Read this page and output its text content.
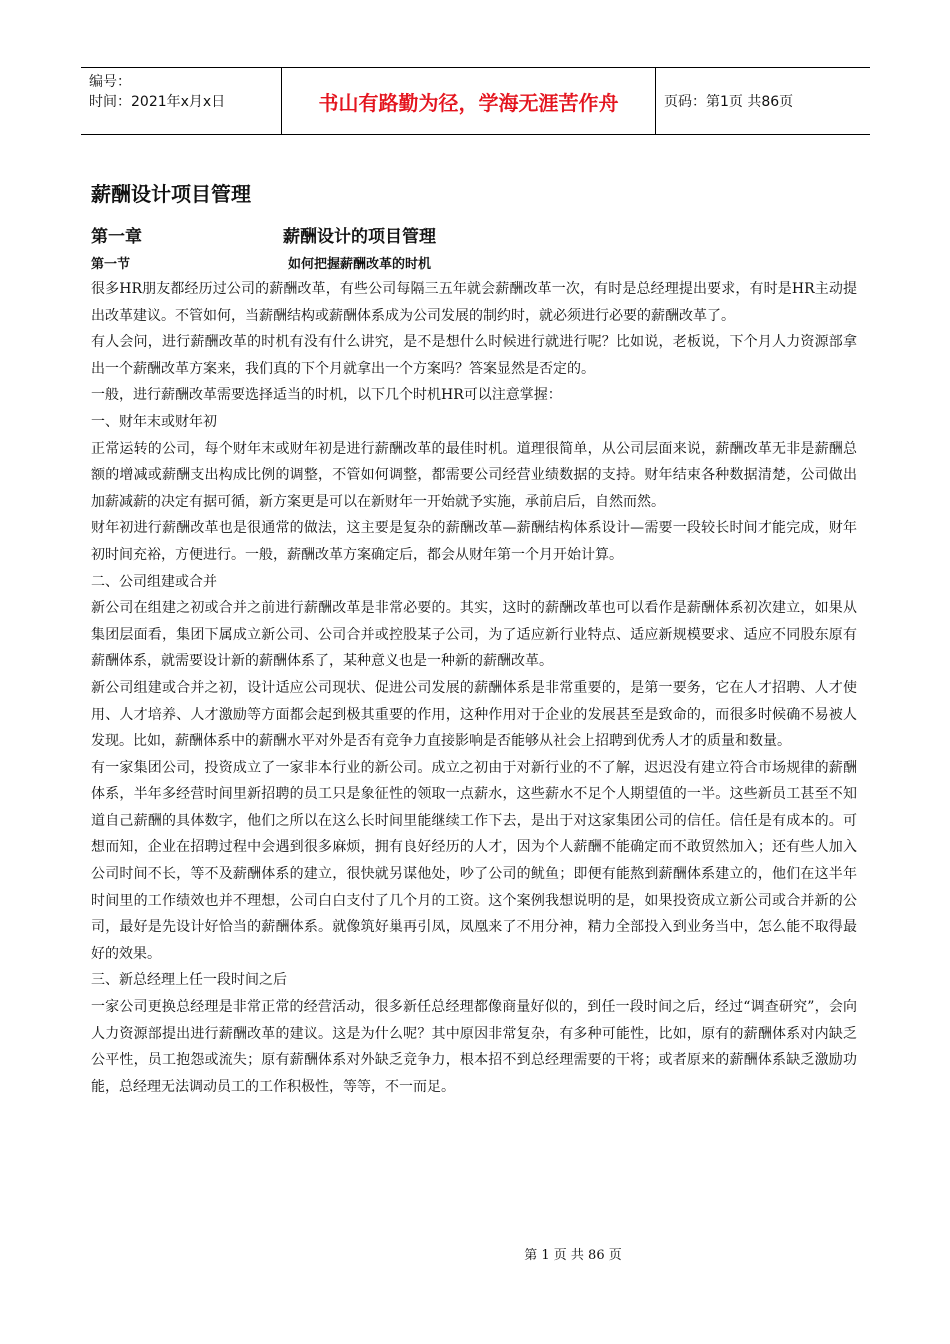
编号：
时间：2021年x月x日	书山有路勤为径，学海无涯苦作舟	页码：第1页 共86页
薪酬设计项目管理
第一章	薪酬设计的项目管理
第一节	如何把握薪酬改革的时机

很多HR朋友都经历过公司的薪酬改革，有些公司每隔三五年就会薪酬改革一次，有时是总经理提出要求，有时是HR主动提出改革建议。不管如何，当薪酬结构或薪酬体系成为公司发展的制约时，就必须进行必要的薪酬改革了。

有人会问，进行薪酬改革的时机有没有什么讲究，是不是想什么时候进行就进行呢？比如说，老板说，下个月人力资源部拿出一个薪酬改革方案来，我们真的下个月就拿出一个方案吗？答案显然是否定的。

一般，进行薪酬改革需要选择适当的时机，以下几个时机HR可以注意掌握：

一、财年末或财年初

正常运转的公司，每个财年末或财年初是进行薪酬改革的最佳时机。道理很简单，从公司层面来说，薪酬改革无非是薪酬总额的增减或薪酬支出构成比例的调整，不管如何调整，都需要公司经营业绩数据的支持。财年结束各种数据清楚，公司做出加薪减薪的决定有据可循，新方案更是可以在新财年一开始就予实施，承前启后，自然而然。

财年初进行薪酬改革也是很通常的做法，这主要是复杂的薪酬改革—薪酬结构体系设计—需要一段较长时间才能完成，财年初时间充裕，方便进行。一般，薪酬改革方案确定后，都会从财年第一个月开始计算。

二、公司组建或合并

新公司在组建之初或合并之前进行薪酬改革是非常必要的。其实，这时的薪酬改革也可以看作是薪酬体系初次建立，如果从集团层面看，集团下属成立新公司、公司合并或控股某子公司，为了适应新行业特点、适应新规模要求、适应不同股东原有薪酬体系，就需要设计新的薪酬体系了，某种意义也是一种新的薪酬改革。

新公司组建或合并之初，设计适应公司现状、促进公司发展的薪酬体系是非常重要的，是第一要务，它在人才招聘、人才使用、人才培养、人才激励等方面都会起到极其重要的作用，这种作用对于企业的发展甚至是致命的，而很多时候确不易被人发现。比如，薪酬体系中的薪酬水平对外是否有竞争力直接影响是否能够从社会上招聘到优秀人才的质量和数量。

有一家集团公司，投资成立了一家非本行业的新公司。成立之初由于对新行业的不了解，迟迟没有建立符合市场规律的薪酬体系，半年多经营时间里新招聘的员工只是象征性的领取一点薪水，这些薪水不足个人期望值的一半。这些新员工甚至不知道自己薪酬的具体数字，他们之所以在这么长时间里能继续工作下去，是出于对这家集团公司的信任。信任是有成本的。可想而知，企业在招聘过程中会遇到很多麻烦，拥有良好经历的人才，因为个人薪酬不能确定而不敢贸然加入；还有些人加入公司时间不长，等不及薪酬体系的建立，很快就另谋他处，吵了公司的鱿鱼；即便有能熬到薪酬体系建立的，他们在这半年时间里的工作绩效也并不理想，公司白白支付了几个月的工资。这个案例我想说明的是，如果投资成立新公司或合并新的公司，最好是先设计好恰当的薪酬体系。就像筑好巢再引凤，凤凰来了不用分神，精力全部投入到业务当中，怎么能不取得最好的效果。

三、新总经理上任一段时间之后

一家公司更换总经理是非常正常的经营活动，很多新任总经理都像商量好似的，到任一段时间之后，经过“调查研究”，会向人力资源部提出进行薪酬改革的建议。这是为什么呢？其中原因非常复杂，有多种可能性，比如，原有的薪酬体系对内缺乏公平性，员工抱怨或流失；原有薪酬体系对外缺乏竞争力，根本招不到总经理需要的干将；或者原来的薪酬体系缺乏激励功能，总经理无法调动员工的工作积极性，等等，不一而足。

第 1 页 共 86 页
